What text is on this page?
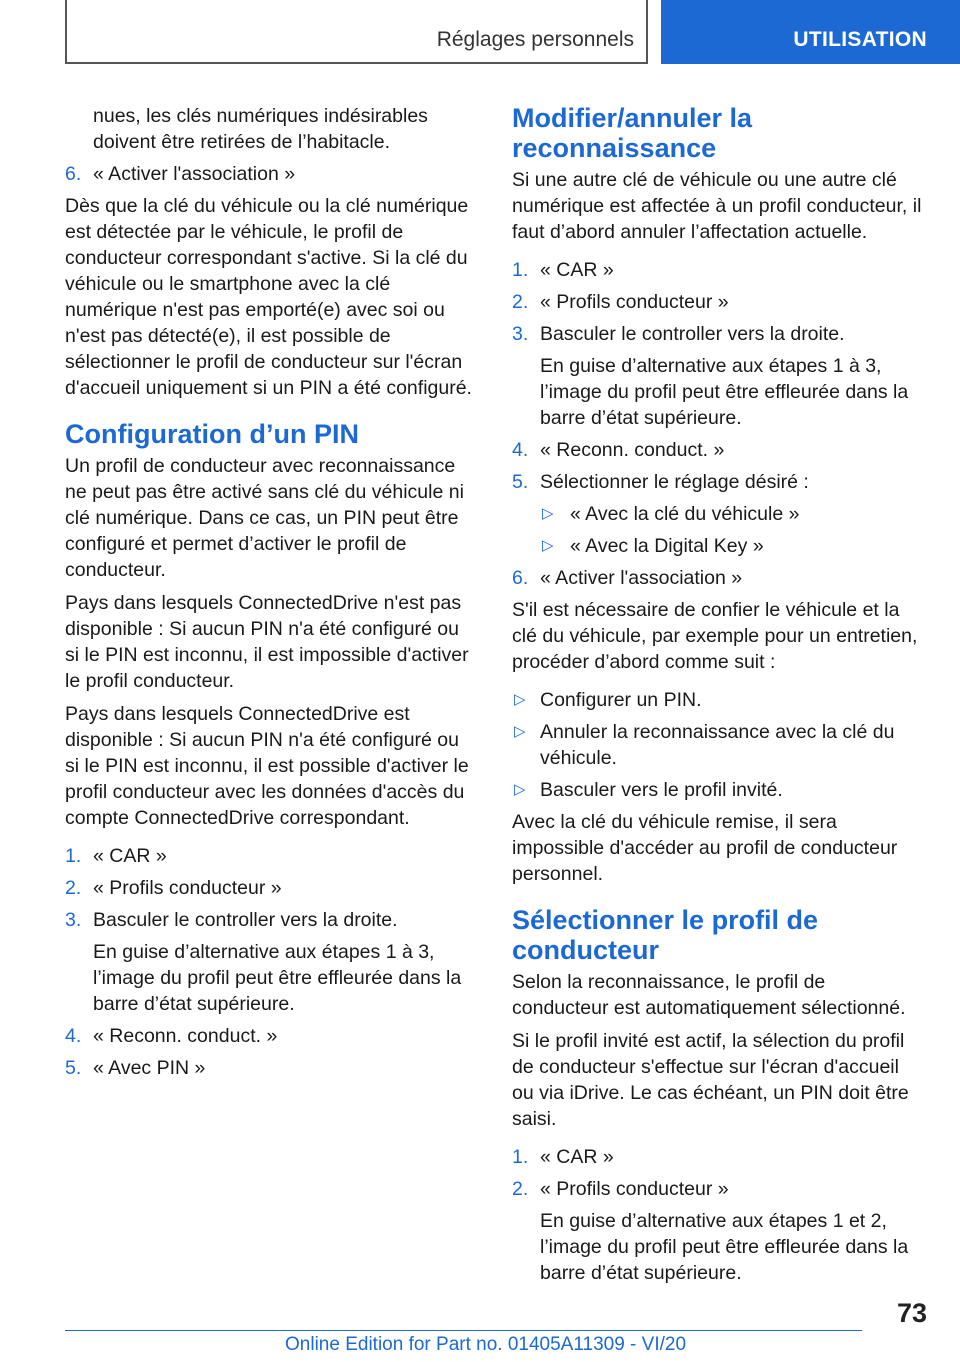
Réglages personnels	UTILISATION

nues, les clés numériques indésirables doivent être retirées de l’habitacle.

6. « Activer l'association »

Dès que la clé du véhicule ou la clé numérique est détectée par le véhicule, le profil de conducteur correspondant s'active. Si la clé du véhicule ou le smartphone avec la clé numérique n'est pas emporté(e) avec soi ou n'est pas détecté(e), il est possible de sélectionner le profil de conducteur sur l'écran d'accueil uniquement si un PIN a été configuré.

Configuration d’un PIN

Un profil de conducteur avec reconnaissance ne peut pas être activé sans clé du véhicule ni clé numérique. Dans ce cas, un PIN peut être configuré et permet d’activer le profil de conducteur.

Pays dans lesquels ConnectedDrive n'est pas disponible : Si aucun PIN n'a été configuré ou si le PIN est inconnu, il est impossible d'activer le profil conducteur.

Pays dans lesquels ConnectedDrive est disponible : Si aucun PIN n'a été configuré ou si le PIN est inconnu, il est possible d'activer le profil conducteur avec les données d'accès du compte ConnectedDrive correspondant.

1. « CAR »
2. « Profils conducteur »
3. Basculer le controller vers la droite.

En guise d’alternative aux étapes 1 à 3, l’image du profil peut être effleurée dans la barre d’état supérieure.

4. « Reconn. conduct. »
5. « Avec PIN »
Modifier/annuler la reconnaissance

Si une autre clé de véhicule ou une autre clé numérique est affectée à un profil conducteur, il faut d’abord annuler l’affectation actuelle.

1. « CAR »
2. « Profils conducteur »
3. Basculer le controller vers la droite.

En guise d’alternative aux étapes 1 à 3, l’image du profil peut être effleurée dans la barre d’état supérieure.

4. « Reconn. conduct. »
5. Sélectionner le réglage désiré :
▷ « Avec la clé du véhicule »
▷ « Avec la Digital Key »
6. « Activer l'association »

S'il est nécessaire de confier le véhicule et la clé du véhicule, par exemple pour un entretien, procéder d’abord comme suit :

▷ Configurer un PIN.
▷ Annuler la reconnaissance avec la clé du véhicule.
▷ Basculer vers le profil invité.

Avec la clé du véhicule remise, il sera impossible d'accéder au profil de conducteur personnel.

Sélectionner le profil de conducteur

Selon la reconnaissance, le profil de conducteur est automatiquement sélectionné.

Si le profil invité est actif, la sélection du profil de conducteur s'effectue sur l'écran d'accueil ou via iDrive. Le cas échéant, un PIN doit être saisi.

1. « CAR »
2. « Profils conducteur »

En guise d’alternative aux étapes 1 et 2, l’image du profil peut être effleurée dans la barre d’état supérieure.

73
Online Edition for Part no. 01405A11309 - VI/20
